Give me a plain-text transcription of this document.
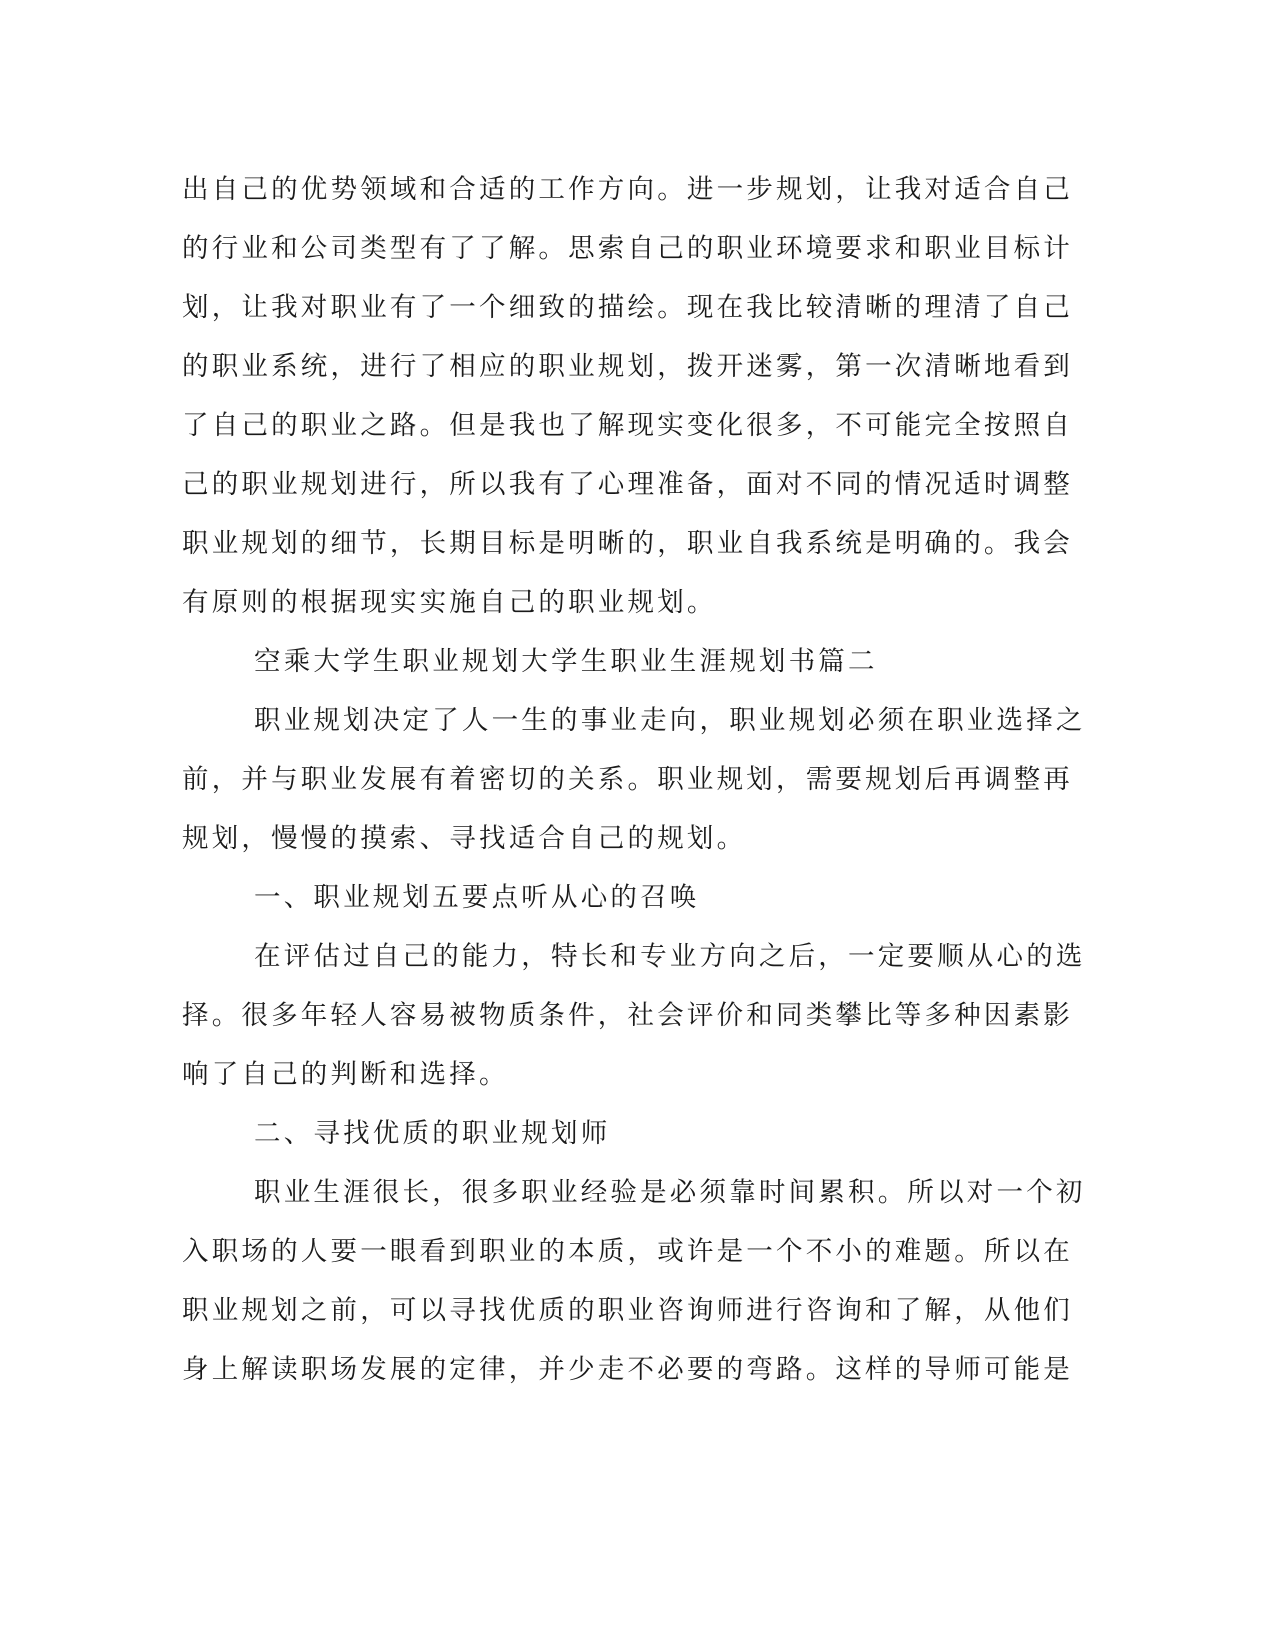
出自己的优势领域和合适的工作方向。进一步规划，让我对适合自己
的行业和公司类型有了了解。思索自己的职业环境要求和职业目标计
划，让我对职业有了一个细致的描绘。现在我比较清晰的理清了自己
的职业系统，进行了相应的职业规划，拨开迷雾，第一次清晰地看到
了自己的职业之路。但是我也了解现实变化很多，不可能完全按照自
己的职业规划进行，所以我有了心理准备，面对不同的情况适时调整
职业规划的细节，长期目标是明晰的，职业自我系统是明确的。我会
有原则的根据现实实施自己的职业规划。
空乘大学生职业规划大学生职业生涯规划书篇二
职业规划决定了人一生的事业走向，职业规划必须在职业选择之
前，并与职业发展有着密切的关系。职业规划，需要规划后再调整再
规划，慢慢的摸索、寻找适合自己的规划。
一、职业规划五要点听从心的召唤
在评估过自己的能力，特长和专业方向之后，一定要顺从心的选
择。很多年轻人容易被物质条件，社会评价和同类攀比等多种因素影
响了自己的判断和选择。
二、寻找优质的职业规划师
职业生涯很长，很多职业经验是必须靠时间累积。所以对一个初
入职场的人要一眼看到职业的本质，或许是一个不小的难题。所以在
职业规划之前，可以寻找优质的职业咨询师进行咨询和了解，从他们
身上解读职场发展的定律，并少走不必要的弯路。这样的导师可能是
